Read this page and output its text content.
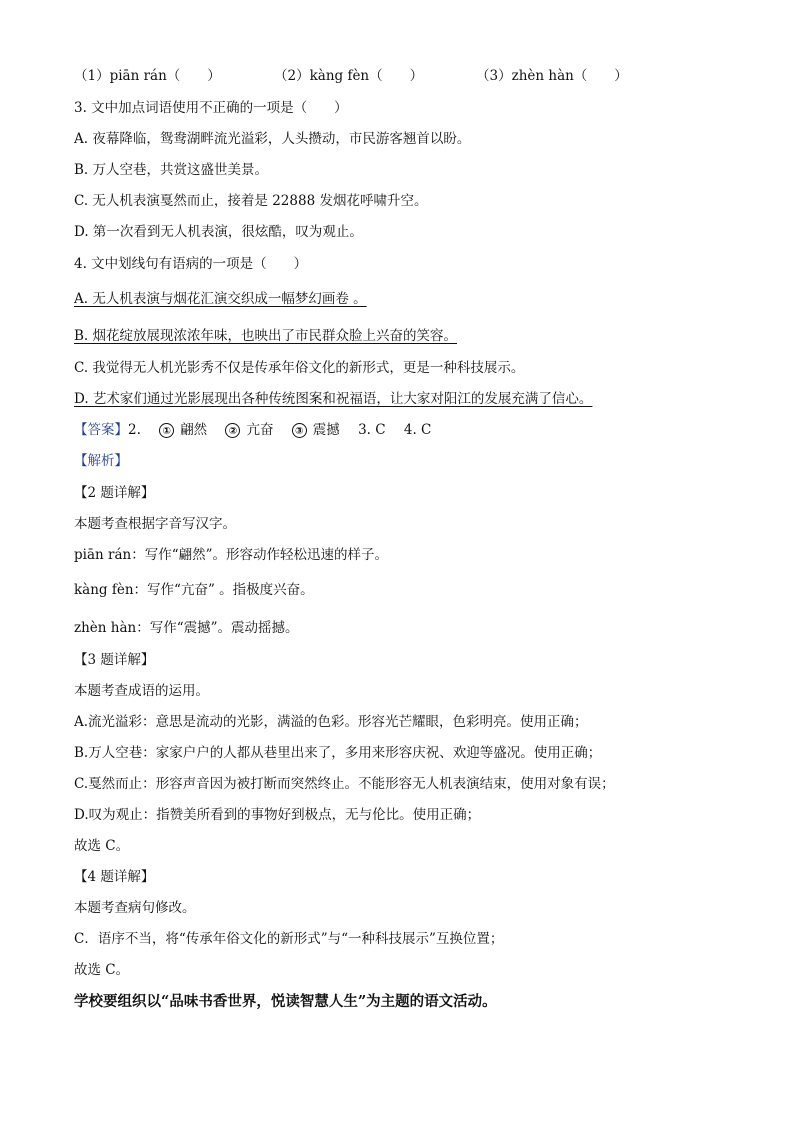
（1）piān rán（　　）	（2）kàng fèn（　　）	（3）zhèn hàn（　　）
3. 文中加点词语使用不正确的一项是（　　）
A. 夜幕降临，鸳鸯湖畔流光溢彩，人头攒动，市民游客翘首以盼。
B. 万人空巷，共赏这盛世美景。
C. 无人机表演戛然而止，接着是 22888 发烟花呼啸升空。
D. 第一次看到无人机表演，很炫酷，叹为观止。
4. 文中划线句有语病的一项是（　　）
A. 无人机表演与烟花汇演交织成一幅梦幻画卷 。
B. 烟花绽放展现浓浓年味，也映出了市民群众脸上兴奋的笑容。
C. 我觉得无人机光影秀不仅是传承年俗文化的新形式，更是一种科技展示。
D. 艺术家们通过光影展现出各种传统图案和祝福语，让大家对阳江的发展充满了信心。
【答案】2. ① 翩然 ② 亢奋 ③ 震撼 3. C 4. C
【解析】
【2 题详解】
本题考查根据字音写汉字。
piān rán：写作“翩然”。形容动作轻松迅速的样子。
kàng fèn：写作“亢奋” 。指极度兴奋。
zhèn hàn：写作“震撼”。震动摇撼。
【3 题详解】
本题考查成语的运用。
A.流光溢彩：意思是流动的光影，满溢的色彩。形容光芒耀眼，色彩明亮。使用正确；
B.万人空巷：家家户户的人都从巷里出来了，多用来形容庆祝、欢迎等盛况。使用正确；
C.戛然而止：形容声音因为被打断而突然终止。不能形容无人机表演结束，使用对象有误；
D.叹为观止：指赞美所看到的事物好到极点，无与伦比。使用正确；
故选 C。
【4 题详解】
本题考查病句修改。
C．语序不当，将“传承年俗文化的新形式”与“一种科技展示”互换位置；
故选 C。
学校要组织以“品味书香世界，悦读智慧人生”为主题的语文活动。
